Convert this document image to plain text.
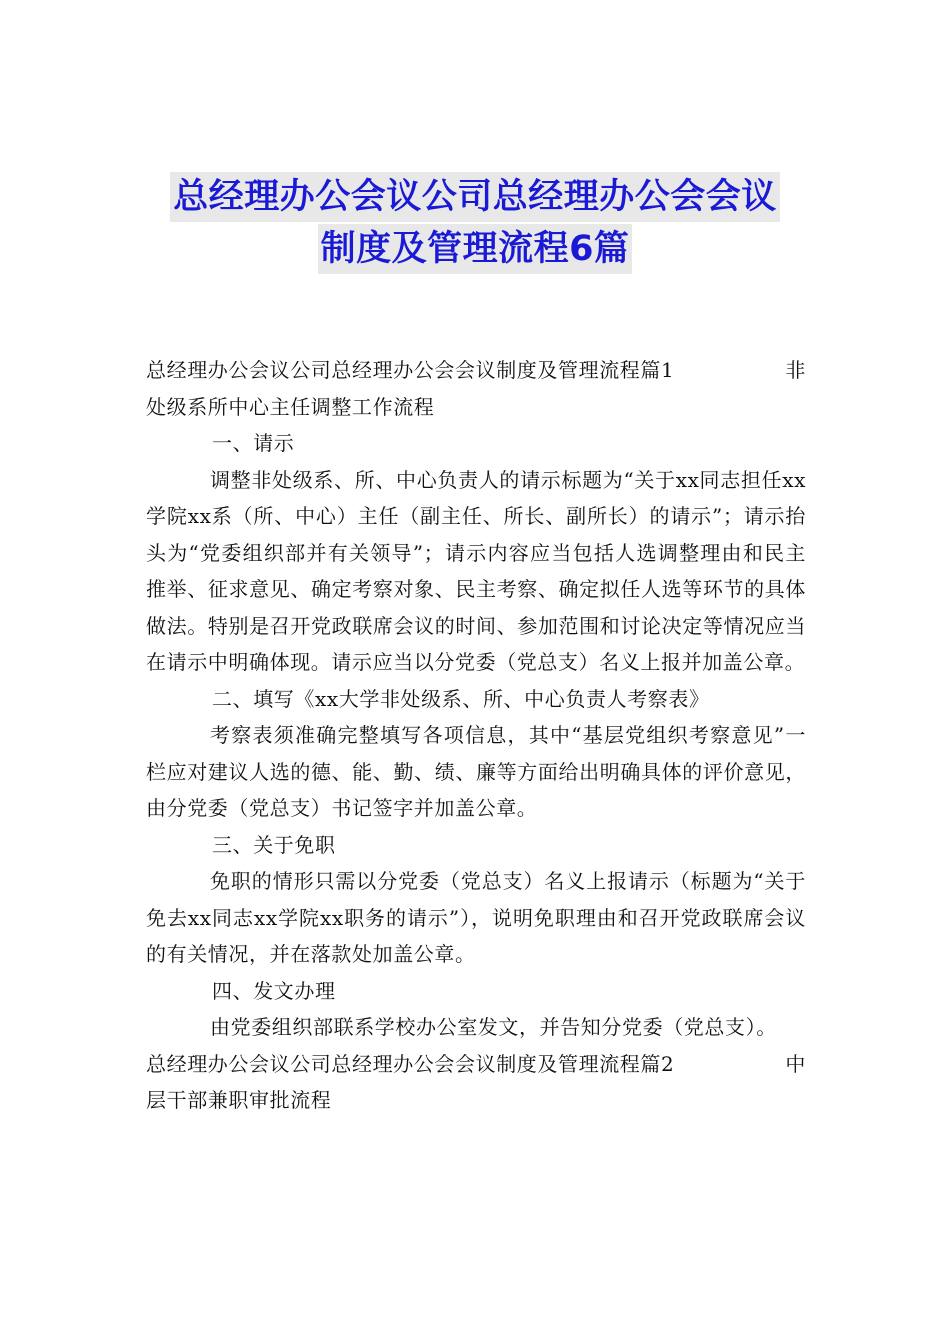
总经理办公会议公司总经理办公会会议
制度及管理流程6篇
总经理办公会议公司总经理办公会会议制度及管理流程篇1	非

处级系所中心主任调整工作流程

一、请示

调整非处级系、所、中心负责人的请示标题为“关于xx同志担任xx学院xx系（所、中心）主任（副主任、所长、副所长）的请示”；请示抬头为“党委组织部并有关领导”；请示内容应当包括人选调整理由和民主推举、征求意见、确定考察对象、民主考察、确定拟任人选等环节的具体做法。特别是召开党政联席会议的时间、参加范围和讨论决定等情况应当在请示中明确体现。请示应当以分党委（党总支）名义上报并加盖公章。

二、填写《xx大学非处级系、所、中心负责人考察表》

考察表须准确完整填写各项信息，其中“基层党组织考察意见”一栏应对建议人选的德、能、勤、绩、廉等方面给出明确具体的评价意见，由分党委（党总支）书记签字并加盖公章。

三、关于免职

免职的情形只需以分党委（党总支）名义上报请示（标题为“关于免去xx同志xx学院xx职务的请示”），说明免职理由和召开党政联席会议的有关情况，并在落款处加盖公章。

四、发文办理

由党委组织部联系学校办公室发文，并告知分党委（党总支）。

总经理办公会议公司总经理办公会会议制度及管理流程篇2	中

层干部兼职审批流程
